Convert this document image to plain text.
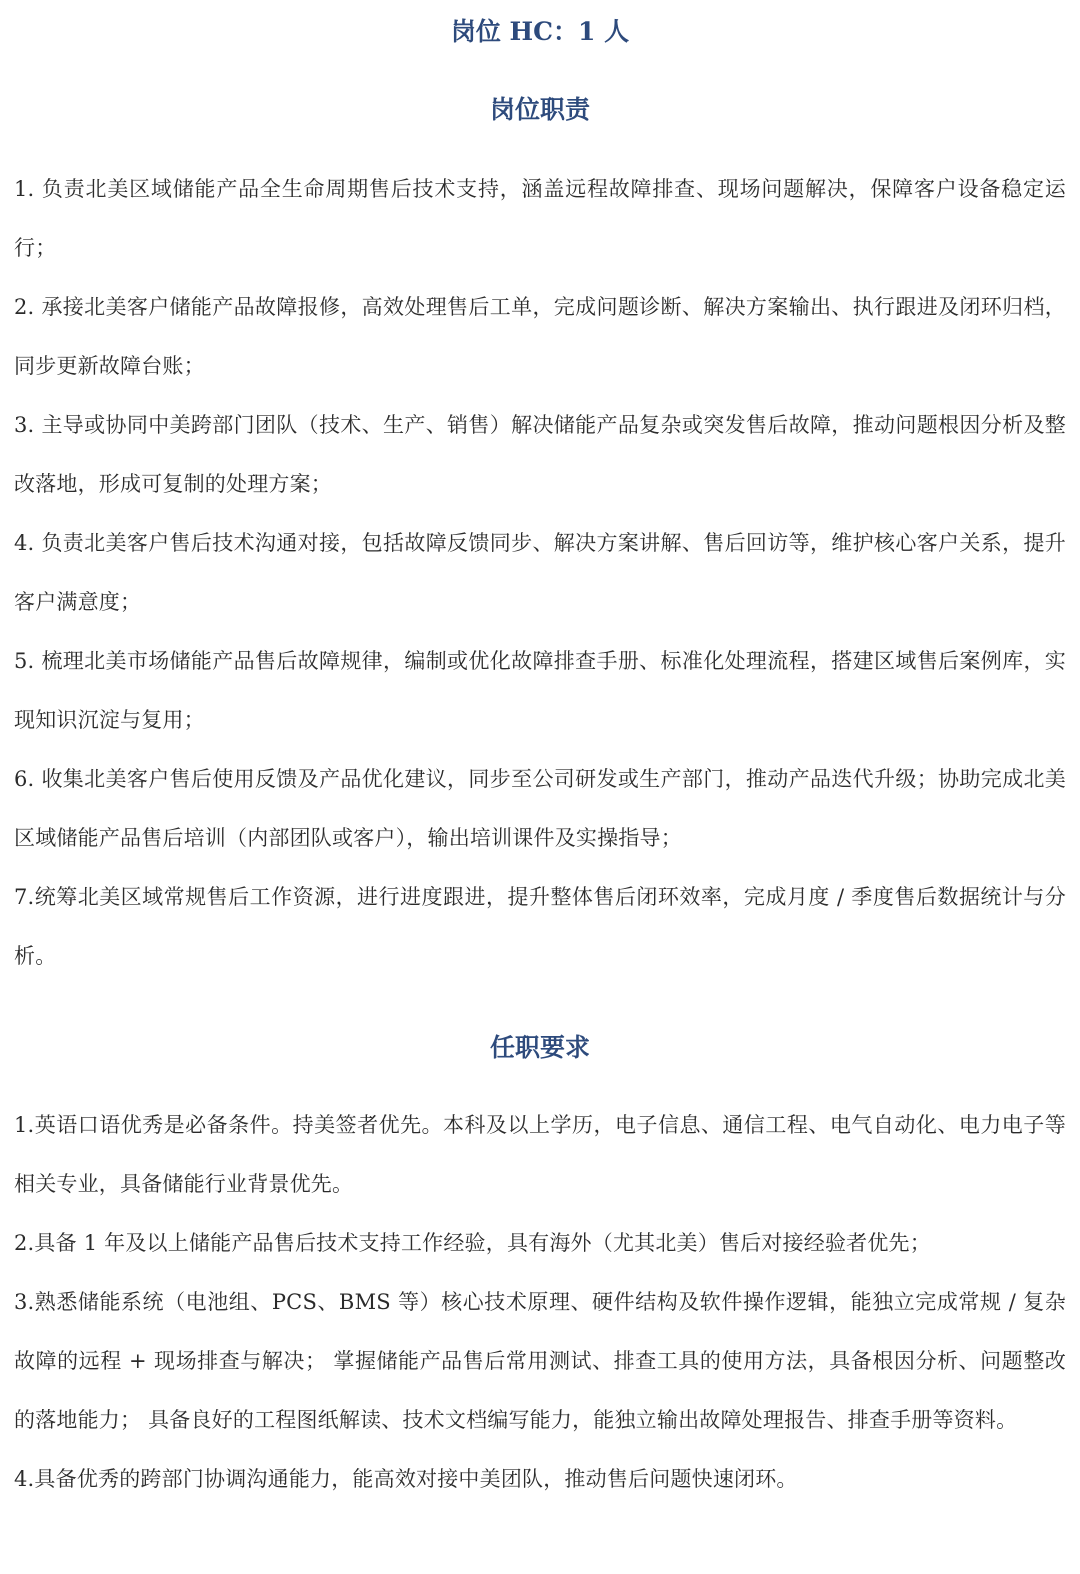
岗位 HC：1 人
岗位职责
1. 负责北美区域储能产品全生命周期售后技术支持，涵盖远程故障排查、现场问题解决，保障客户设备稳定运行；
2. 承接北美客户储能产品故障报修，高效处理售后工单，完成问题诊断、解决方案输出、执行跟进及闭环归档，同步更新故障台账；
3. 主导或协同中美跨部门团队（技术、生产、销售）解决储能产品复杂或突发售后故障，推动问题根因分析及整改落地，形成可复制的处理方案；
4. 负责北美客户售后技术沟通对接，包括故障反馈同步、解决方案讲解、售后回访等，维护核心客户关系，提升客户满意度；
5. 梳理北美市场储能产品售后故障规律，编制或优化故障排查手册、标准化处理流程，搭建区域售后案例库，实现知识沉淀与复用；
6. 收集北美客户售后使用反馈及产品优化建议，同步至公司研发或生产部门，推动产品迭代升级；协助完成北美区域储能产品售后培训（内部团队或客户），输出培训课件及实操指导；
7.统筹北美区域常规售后工作资源，进行进度跟进，提升整体售后闭环效率，完成月度 / 季度售后数据统计与分析。
任职要求
1.英语口语优秀是必备条件。持美签者优先。本科及以上学历，电子信息、通信工程、电气自动化、电力电子等相关专业，具备储能行业背景优先。
2.具备 1 年及以上储能产品售后技术支持工作经验，具有海外（尤其北美）售后对接经验者优先；
3.熟悉储能系统（电池组、PCS、BMS 等）核心技术原理、硬件结构及软件操作逻辑，能独立完成常规 / 复杂故障的远程 + 现场排查与解决； 掌握储能产品售后常用测试、排查工具的使用方法，具备根因分析、问题整改的落地能力； 具备良好的工程图纸解读、技术文档编写能力，能独立输出故障处理报告、排查手册等资料。
4.具备优秀的跨部门协调沟通能力，能高效对接中美团队，推动售后问题快速闭环。
